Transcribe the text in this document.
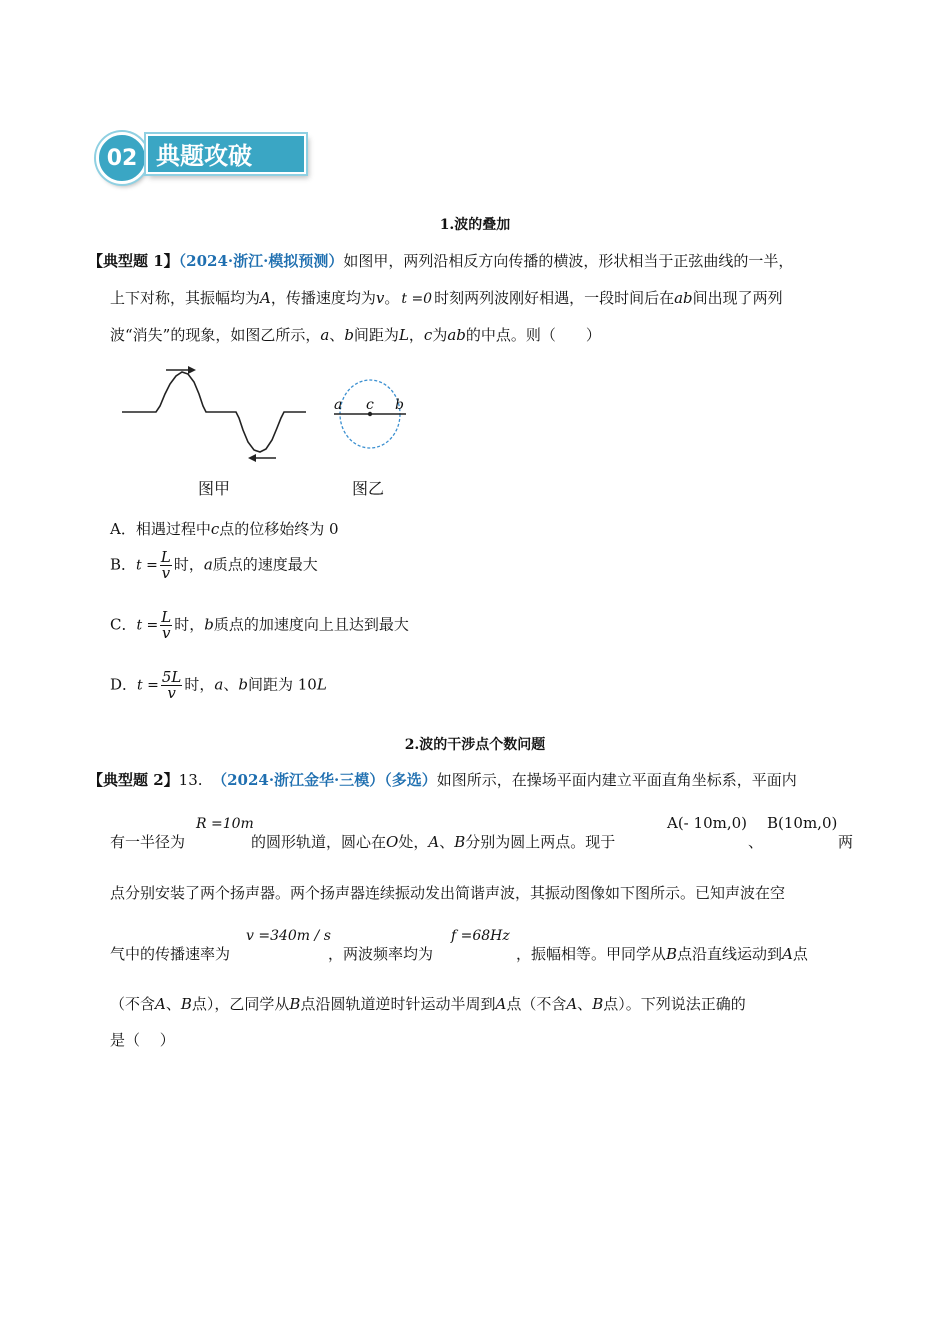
02 典题攻破
1.波的叠加
【典型题 1】（2024·浙江·模拟预测）如图甲，两列沿相反方向传播的横波，形状相当于正弦曲线的一半，
上下对称，其振幅均为A，传播速度均为v。 t =0 时刻两列波刚好相遇，一段时间后在ab间出现了两列
波“消失”的现象，如图乙所示，a、b间距为L，c为ab的中点。则（　　）
图甲
a c b
图乙
A．相遇过程中c点的位移始终为 0
B．$t = \frac{L}{v}$ 时，a质点的速度最大
C．$t = \frac{L}{v}$ 时，b质点的加速度向上且达到最大
D．$t = \frac{5L}{v}$ 时，a、b间距为 10L
2.波的干涉点个数问题
【典型题 2】13. （2024·浙江金华·三模）（多选）如图所示，在操场平面内建立平面直角坐标系，平面内
R =10m	A(- 10m,0) B(10m,0)
有一半径为	的圆形轨道，圆心在O处，A、B分别为圆上两点。现于	、	两
点分别安装了两个扬声器。两个扬声器连续振动发出简谐声波，其振动图像如下图所示。已知声波在空
v =340m / s	f =68Hz
气中的传播速率为	，两波频率均为	，振幅相等。甲同学从B点沿直线运动到A点
（不含A、B点），乙同学从B点沿圆轨道逆时针运动半周到A点（不含A、B点）。下列说法正确的
是（　 ）
